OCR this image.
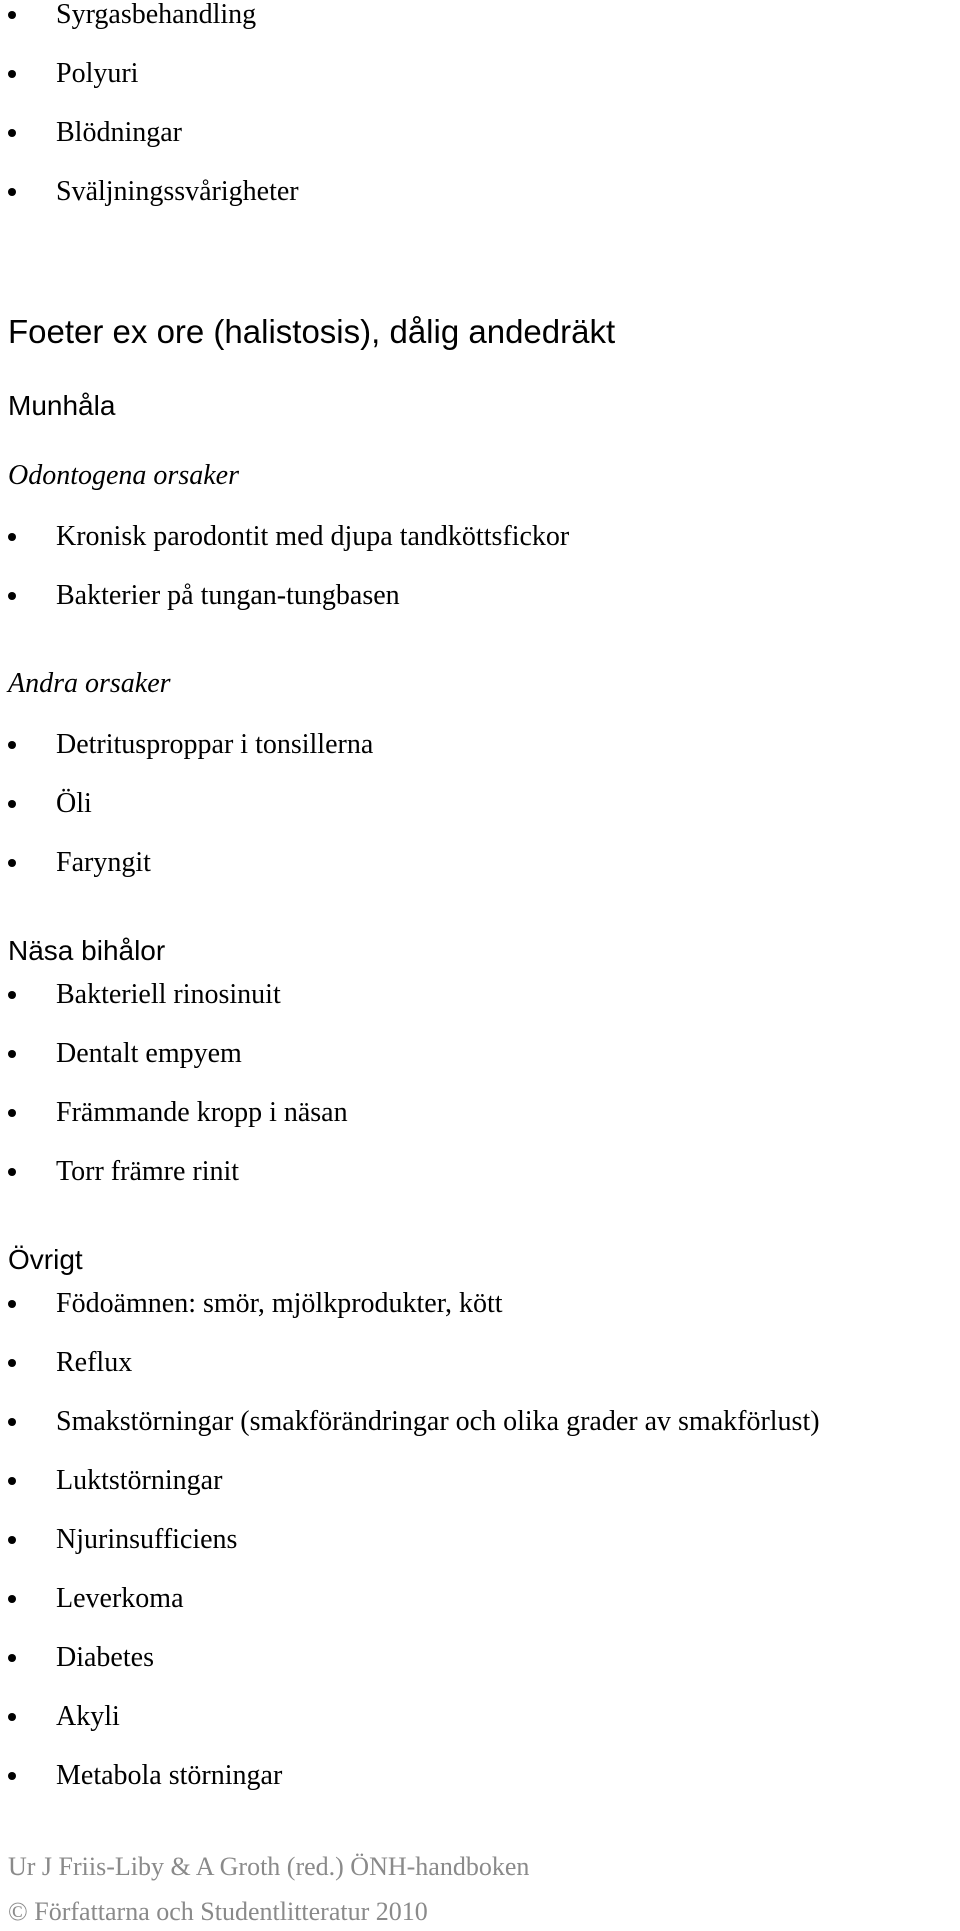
Syrgasbehandling
Polyuri
Blödningar
Sväljningssvårigheter
Foeter ex ore (halistosis), dålig andedräkt
Munhåla
Odontogena orsaker
Kronisk parodontit med djupa tandköttsfickor
Bakterier på tungan-tungbasen
Andra orsaker
Detritusproppar i tonsillerna
Öli
Faryngit
Näsa bihålor
Bakteriell rinosinuit
Dentalt empyem
Främmande kropp i näsan
Torr främre rinit
Övrigt
Födoämnen: smör, mjölkprodukter, kött
Reflux
Smakstörningar (smakförändringar och olika grader av smakförlust)
Luktstörningar
Njurinsufficiens
Leverkoma
Diabetes
Akyli
Metabola störningar
Ur J Friis-Liby & A Groth (red.) ÖNH-handboken
© Författarna och Studentlitteratur 2010
